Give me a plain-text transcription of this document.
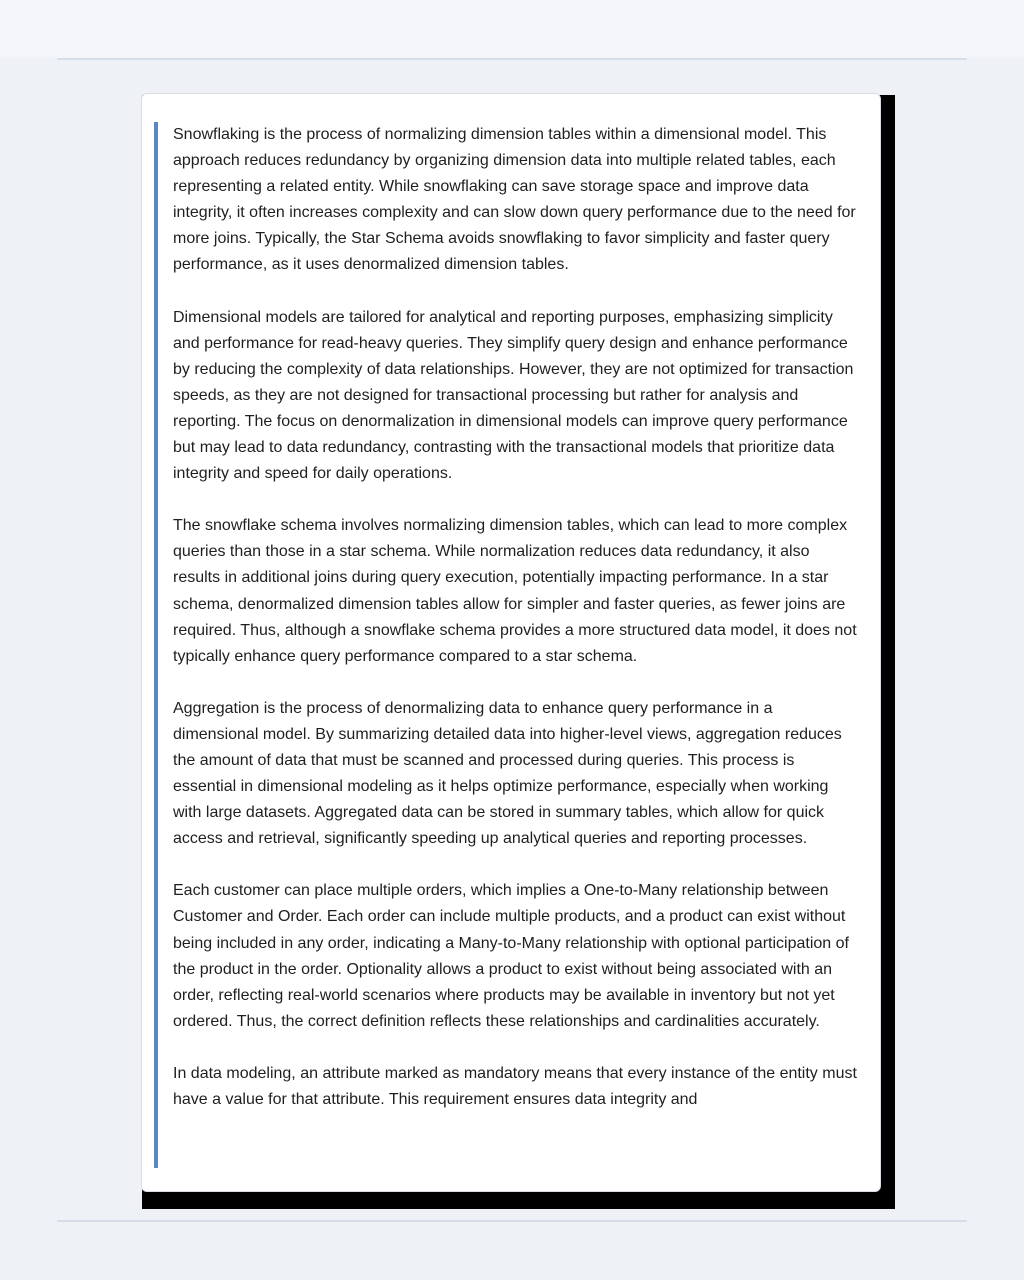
Snowflaking is the process of normalizing dimension tables within a dimensional model. This approach reduces redundancy by organizing dimension data into multiple related tables, each representing a related entity. While snowflaking can save storage space and improve data integrity, it often increases complexity and can slow down query performance due to the need for more joins. Typically, the Star Schema avoids snowflaking to favor simplicity and faster query performance, as it uses denormalized dimension tables.

Dimensional models are tailored for analytical and reporting purposes, emphasizing simplicity and performance for read-heavy queries. They simplify query design and enhance performance by reducing the complexity of data relationships. However, they are not optimized for transaction speeds, as they are not designed for transactional processing but rather for analysis and reporting. The focus on denormalization in dimensional models can improve query performance but may lead to data redundancy, contrasting with the transactional models that prioritize data integrity and speed for daily operations.

The snowflake schema involves normalizing dimension tables, which can lead to more complex queries than those in a star schema. While normalization reduces data redundancy, it also results in additional joins during query execution, potentially impacting performance. In a star schema, denormalized dimension tables allow for simpler and faster queries, as fewer joins are required. Thus, although a snowflake schema provides a more structured data model, it does not typically enhance query performance compared to a star schema.

Aggregation is the process of denormalizing data to enhance query performance in a dimensional model. By summarizing detailed data into higher-level views, aggregation reduces the amount of data that must be scanned and processed during queries. This process is essential in dimensional modeling as it helps optimize performance, especially when working with large datasets. Aggregated data can be stored in summary tables, which allow for quick access and retrieval, significantly speeding up analytical queries and reporting processes.

Each customer can place multiple orders, which implies a One-to-Many relationship between Customer and Order. Each order can include multiple products, and a product can exist without being included in any order, indicating a Many-to-Many relationship with optional participation of the product in the order. Optionality allows a product to exist without being associated with an order, reflecting real-world scenarios where products may be available in inventory but not yet ordered. Thus, the correct definition reflects these relationships and cardinalities accurately.

In data modeling, an attribute marked as mandatory means that every instance of the entity must have a value for that attribute. This requirement ensures data integrity and
